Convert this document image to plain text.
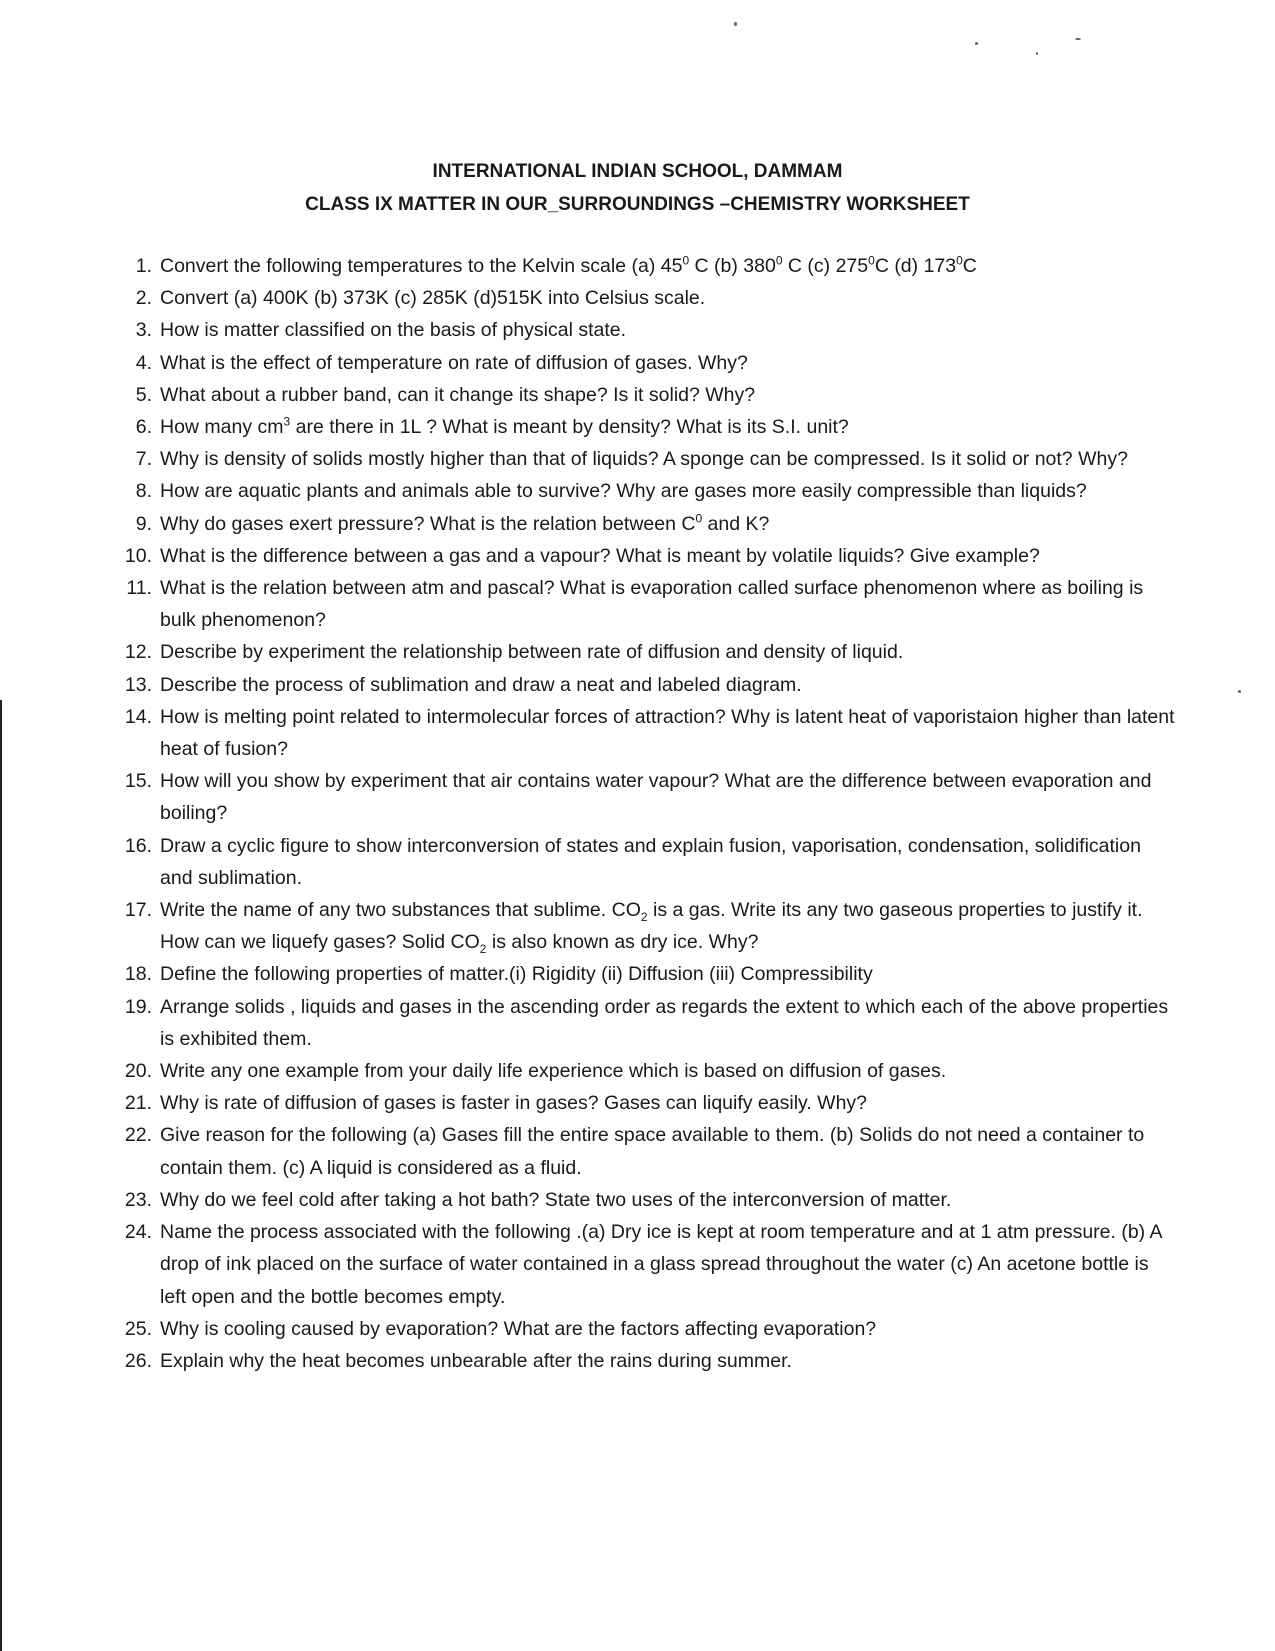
INTERNATIONAL INDIAN SCHOOL, DAMMAM
CLASS IX MATTER IN OUR_SURROUNDINGS –CHEMISTRY WORKSHEET
1. Convert the following temperatures to the Kelvin scale (a) $45^0$ C (b) $380^0$ C (c) $275^0C$ (d) $173^0C$
2. Convert (a) 400K (b) 373K (c) 285K (d)515K into Celsius scale.
3. How is matter classified on the basis of physical state.
4. What is the effect of temperature on rate of diffusion of gases. Why?
5. What about a rubber band, can it change its shape? Is it solid? Why?
6. How many $cm^3$ are there in 1L ? What is meant by density? What is its S.I. unit?
7. Why is density of solids mostly higher than that of liquids? A sponge can be compressed. Is it solid or not? Why?
8. How are aquatic plants and animals able to survive? Why are gases more easily compressible than liquids?
9. Why do gases exert pressure? What is the relation between $C^0$ and K?
10. What is the difference between a gas and a vapour? What is meant by volatile liquids? Give example?
11. What is the relation between atm and pascal? What is evaporation called surface phenomenon where as boiling is bulk phenomenon?
12. Describe by experiment the relationship between rate of diffusion and density of liquid.
13. Describe the process of sublimation and draw a neat and labeled diagram.
14. How is melting point related to intermolecular forces of attraction? Why is latent heat of vaporistaion higher than latent heat of fusion?
15. How will you show by experiment that air contains water vapour? What are the difference between evaporation and boiling?
16. Draw a cyclic figure to show interconversion of states and explain fusion, vaporisation, condensation, solidification and sublimation.
17. Write the name of any two substances that sublime. $CO_2$ is a gas. Write its any two gaseous properties to justify it. How can we liquefy gases? Solid $CO_2$ is also known as dry ice. Why?
18. Define the following properties of matter.(i) Rigidity (ii) Diffusion (iii) Compressibility
19. Arrange solids , liquids and gases in the ascending order as regards the extent to which each of the above properties is exhibited them.
20. Write any one example from your daily life experience which is based on diffusion of gases.
21. Why is rate of diffusion of gases is faster in gases? Gases can liquify easily. Why?
22. Give reason for the following (a) Gases fill the entire space available to them. (b) Solids do not need a container to contain them. (c) A liquid is considered as a fluid.
23. Why do we feel cold after taking a hot bath? State two uses of the interconversion of matter.
24. Name the process associated with the following .(a) Dry ice is kept at room temperature and at 1 atm pressure. (b) A drop of ink placed on the surface of water contained in a glass spread throughout the water (c) An acetone bottle is left open and the bottle becomes empty.
25. Why is cooling caused by evaporation? What are the factors affecting evaporation?
26. Explain why the heat becomes unbearable after the rains during summer.
